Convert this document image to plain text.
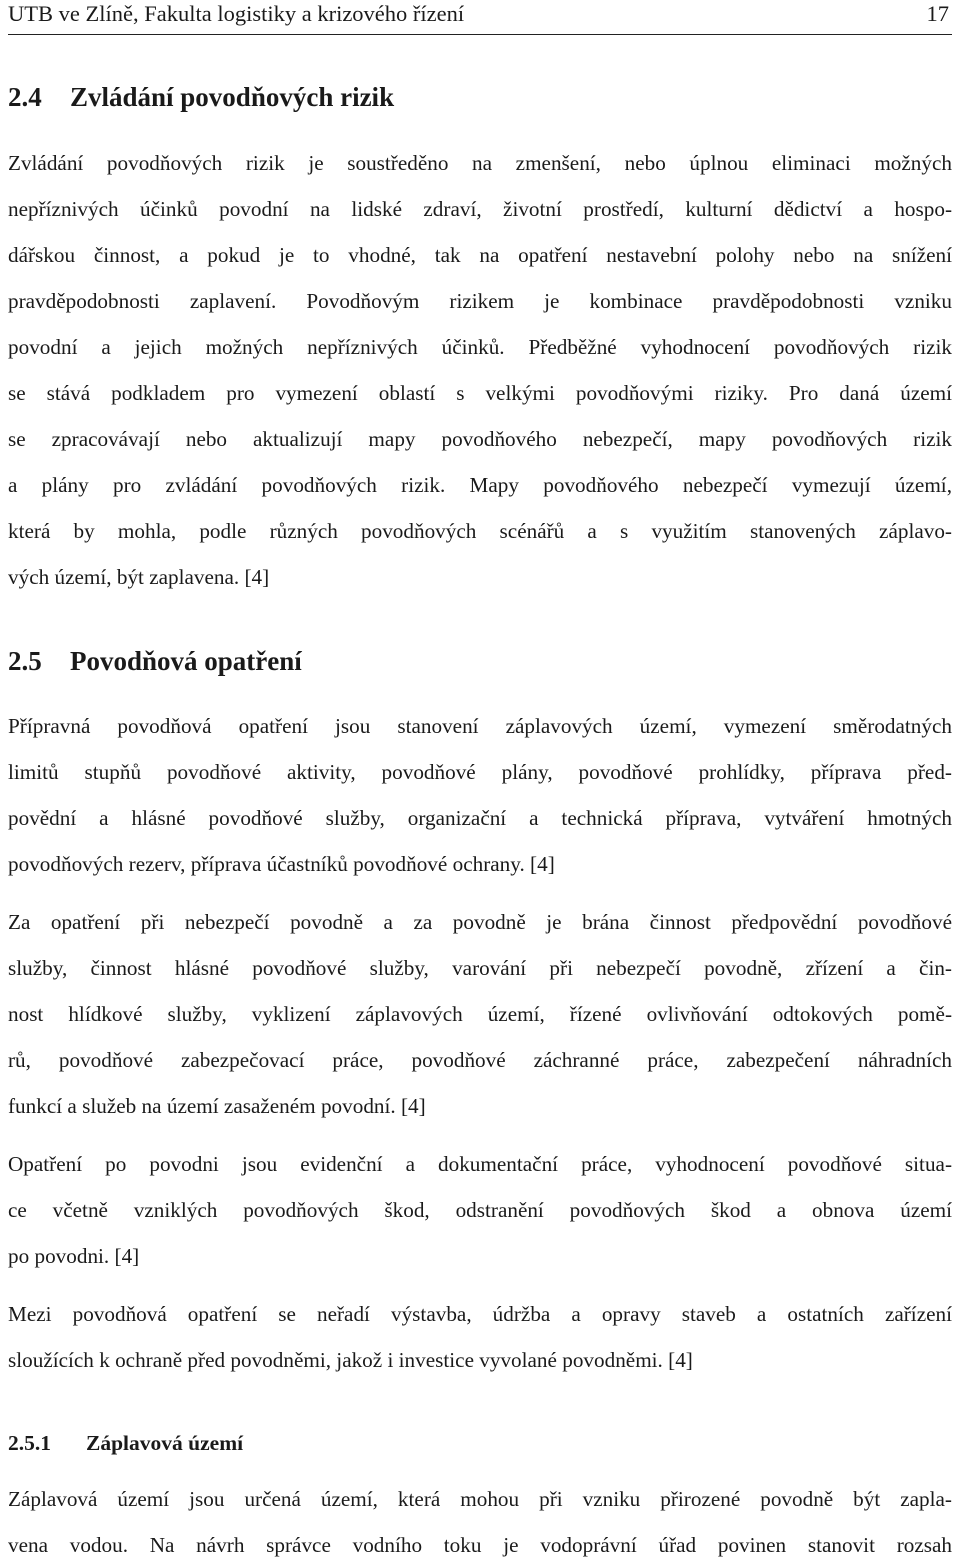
UTB ve Zlíně, Fakulta logistiky a krizového řízení	17
2.4 Zvládání povodňových rizik
Zvládání povodňových rizik je soustředěno na zmenšení, nebo úplnou eliminaci možných
nepříznivých účinků povodní na lidské zdraví, životní prostředí, kulturní dědictví a hospo-
dářskou činnost, a pokud je to vhodné, tak na opatření nestavební polohy nebo na snížení
pravděpodobnosti zaplavení. Povodňovým rizikem je kombinace pravděpodobnosti vzniku
povodní a jejich možných nepříznivých účinků. Předběžné vyhodnocení povodňových rizik
se stává podkladem pro vymezení oblastí s velkými povodňovými riziky. Pro daná území
se zpracovávají nebo aktualizují mapy povodňového nebezpečí, mapy povodňových rizik
a plány pro zvládání povodňových rizik. Mapy povodňového nebezpečí vymezují území,
která by mohla, podle různých povodňových scénářů a s využitím stanovených záplavo-
vých území, být zaplavena. [4]
2.5 Povodňová opatření
Přípravná povodňová opatření jsou stanovení záplavových území, vymezení směrodatných
limitů stupňů povodňové aktivity, povodňové plány, povodňové prohlídky, příprava před-
povědní a hlásné povodňové služby, organizační a technická příprava, vytváření hmotných
povodňových rezerv, příprava účastníků povodňové ochrany. [4]
Za opatření při nebezpečí povodně a za povodně je brána činnost předpovědní povodňové
služby, činnost hlásné povodňové služby, varování při nebezpečí povodně, zřízení a čin-
nost hlídkové služby, vyklizení záplavových území, řízené ovlivňování odtokových pomě-
rů, povodňové zabezpečovací práce, povodňové záchranné práce, zabezpečení náhradních
funkcí a služeb na území zasaženém povodní. [4]
Opatření po povodni jsou evidenční a dokumentační práce, vyhodnocení povodňové situa-
ce včetně vzniklých povodňových škod, odstranění povodňových škod a obnova území
po povodni. [4]
Mezi povodňová opatření se neřadí výstavba, údržba a opravy staveb a ostatních zařízení
sloužících k ochraně před povodněmi, jakož i investice vyvolané povodněmi. [4]
2.5.1 Záplavová území
Záplavová území jsou určená území, která mohou při vzniku přirozené povodně být zapla-
vena vodou. Na návrh správce vodního toku je vodoprávní úřad povinen stanovit rozsah
